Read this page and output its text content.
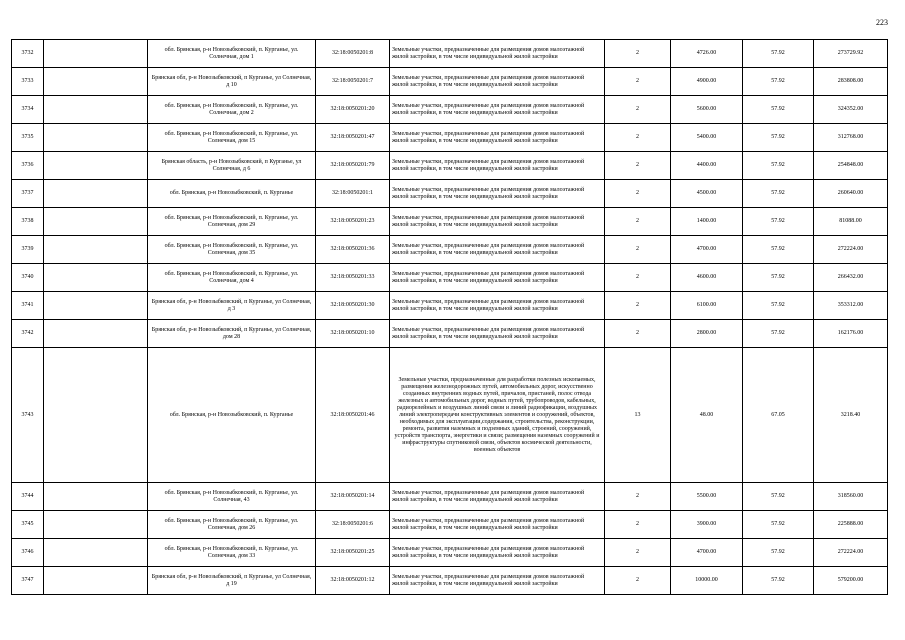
223
3732		обл. Брянская, р-н Новозыбковский, п. Курганье, ул. Солнечная, дом 1	32:18:0050201:8	Земельные участки, предназначенные для размещения домов малоэтажной жилой застройки, в том числе индивидуальной жилой застройки	2	4726.00	57.92	273729.92
3733		Брянская обл, р-н Новозыбковский, п Курганье, ул Солнечная, д 10	32:18:0050201:7	Земельные участки, предназначенные для размещения домов малоэтажной жилой застройки, в том числе индивидуальной жилой застройки	2	4900.00	57.92	283808.00
3734		обл. Брянская, р-н Новозыбковский, п. Курганье, ул. Солнечная, дом 2	32:18:0050201:20	Земельные участки, предназначенные для размещения домов малоэтажной жилой застройки, в том числе индивидуальной жилой застройки	2	5600.00	57.92	324352.00
3735		обл. Брянская, р-н Новозыбковский, п. Курганье, ул. Солнечная, дом 15	32:18:0050201:47	Земельные участки, предназначенные для размещения домов малоэтажной жилой застройки, в том числе индивидуальной жилой застройки	2	5400.00	57.92	312768.00
3736		Брянская область, р-н Новозыбковский, п Курганье, ул Солнечная, д 6	32:18:0050201:79	Земельные участки, предназначенные для размещения домов малоэтажной жилой застройки, в том числе индивидуальной жилой застройки	2	4400.00	57.92	254848.00
3737		обл. Брянская, р-н Новозыбковский, п. Курганье	32:18:0050201:1	Земельные участки, предназначенные для размещения домов малоэтажной жилой застройки, в том числе индивидуальной жилой застройки	2	4500.00	57.92	260640.00
3738		обл. Брянская, р-н Новозыбковский, п. Курганье, ул. Солнечная, дом 29	32:18:0050201:23	Земельные участки, предназначенные для размещения домов малоэтажной жилой застройки, в том числе индивидуальной жилой застройки	2	1400.00	57.92	81088.00
3739		обл. Брянская, р-н Новозыбковский, п. Курганье, ул. Солнечная, дом 35	32:18:0050201:36	Земельные участки, предназначенные для размещения домов малоэтажной жилой застройки, в том числе индивидуальной жилой застройки	2	4700.00	57.92	272224.00
3740		обл. Брянская, р-н Новозыбковский, п. Курганье, ул. Солнечная, дом 4	32:18:0050201:33	Земельные участки, предназначенные для размещения домов малоэтажной жилой застройки, в том числе индивидуальной жилой застройки	2	4600.00	57.92	266432.00
3741		Брянская обл, р-н Новозыбковский, п Курганье, ул Солнечная, д 3	32:18:0050201:30	Земельные участки, предназначенные для размещения домов малоэтажной жилой застройки, в том числе индивидуальной жилой застройки	2	6100.00	57.92	353312.00
3742		Брянская обл, р-н Новозыбковский, п Курганье, ул Солнечная, дом 28	32:18:0050201:10	Земельные участки, предназначенные для размещения домов малоэтажной жилой застройки, в том числе индивидуальной жилой застройки	2	2800.00	57.92	162176.00
3743		обл. Брянская, р-н Новозыбковский, п. Курганье	32:18:0050201:46	Земельные участки, предназначенные для разработки полезных ископаемых, размещения железнодорожных путей, автомобильных дорог, искусственно созданных внутренних водных путей, причалов, пристаней, полос отвода железных и автомобильных дорог, водных путей, трубопроводов, кабельных, радиорелейных и воздушных линий связи и линий радиофикации, воздушных линий электропередачи конструктивных элементов и сооружений, объектов, необходимых для эксплуатации,содержания, строительства, реконструкции, ремонта, развития наземных и подземных зданий, строений, сооружений, устройств транспорта, энергетики и связи; размещения наземных сооружений и инфраструктуры спутниковой связи, объектов космической деятельности, военных объектов	13	48.00	67.05	3218.40
3744		обл. Брянская, р-н Новозыбковский, п. Курганье, ул. Солнечная, 43	32:18:0050201:14	Земельные участки, предназначенные для размещения домов малоэтажной жилой застройки, в том числе индивидуальной жилой застройки	2	5500.00	57.92	318560.00
3745		обл. Брянская, р-н Новозыбковский, п. Курганье, ул. Солнечная, дом 26	32:18:0050201:6	Земельные участки, предназначенные для размещения домов малоэтажной жилой застройки, в том числе индивидуальной жилой застройки	2	3900.00	57.92	225888.00
3746		обл. Брянская, р-н Новозыбковский, п. Курганье, ул. Солнечная, дом 33	32:18:0050201:25	Земельные участки, предназначенные для размещения домов малоэтажной жилой застройки, в том числе индивидуальной жилой застройки	2	4700.00	57.92	272224.00
3747		Брянская обл, р-н Новозыбковский, п Курганье, ул Солнечная, д 19	32:18:0050201:12	Земельные участки, предназначенные для размещения домов малоэтажной жилой застройки, в том числе индивидуальной жилой застройки	2	10000.00	57.92	579200.00
